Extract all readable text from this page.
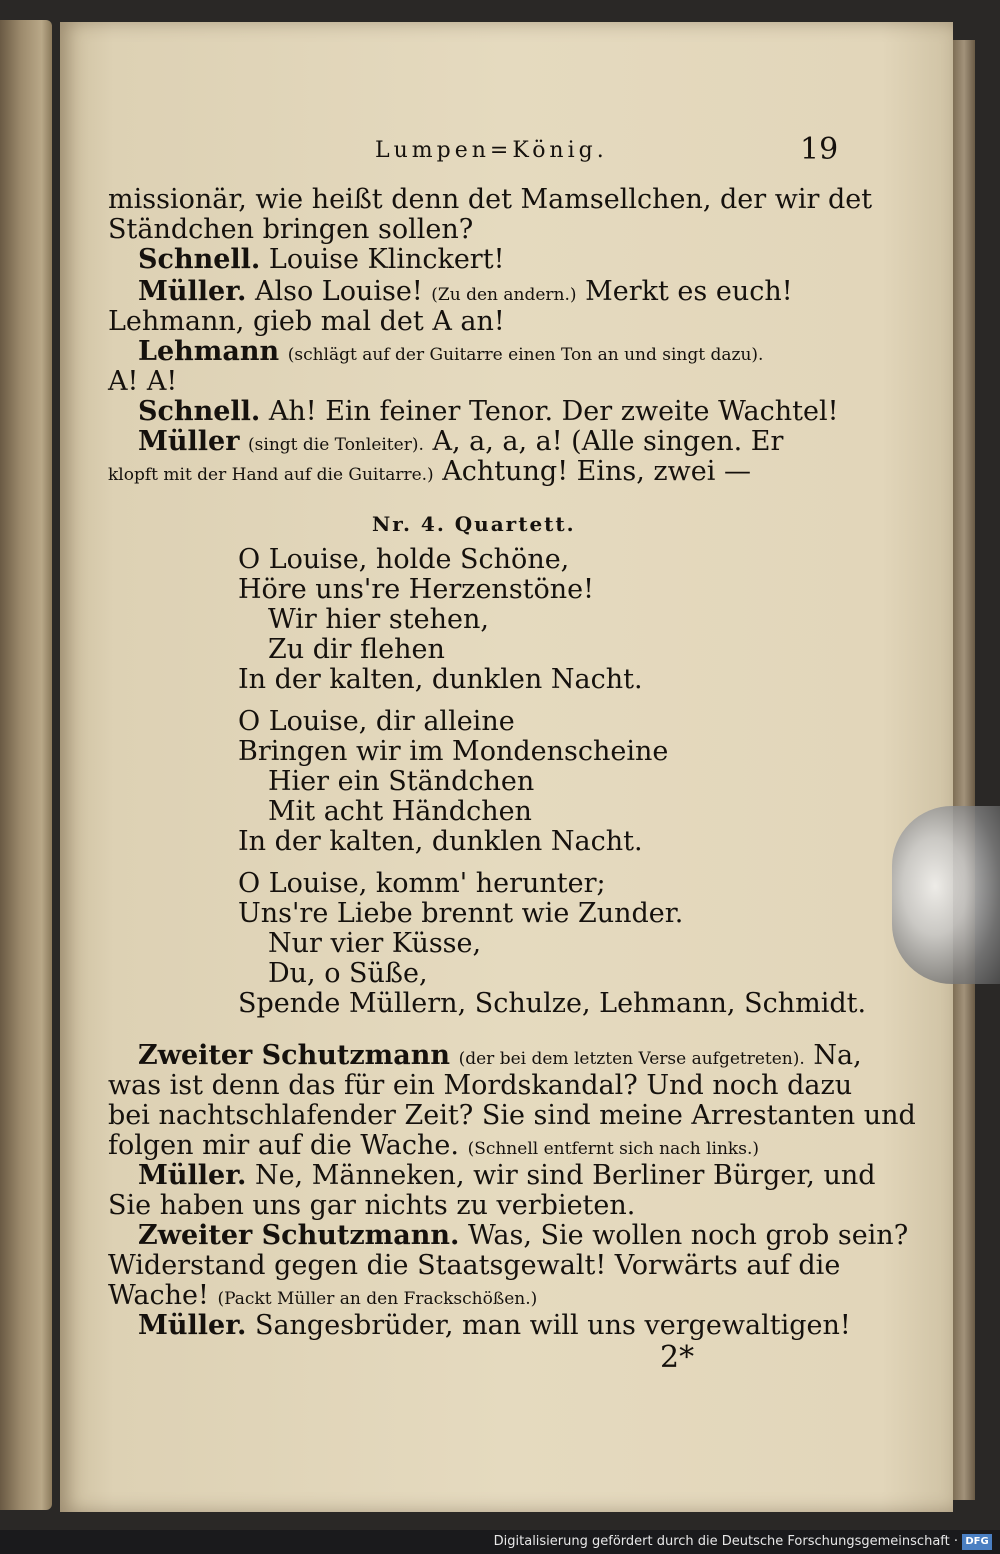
Lumpen=König.	19
missionär, wie heißt denn det Mamsellchen, der wir det
Ständchen bringen sollen?
Schnell. Louise Klinckert!
Müller. Also Louise! (Zu den andern.) Merkt es euch!
Lehmann, gieb mal det A an!
Lehmann (schlägt auf der Guitarre einen Ton an und singt dazu).
A! A!
Schnell. Ah! Ein feiner Tenor. Der zweite Wachtel!
Müller (singt die Tonleiter). A, a, a, a! (Alle singen. Er
klopft mit der Hand auf die Guitarre.) Achtung! Eins, zwei —
Nr. 4. Quartett.
O Louise, holde Schöne,
Höre uns're Herzenstöne!
Wir hier stehen,
Zu dir flehen
In der kalten, dunklen Nacht.
O Louise, dir alleine
Bringen wir im Mondenscheine
Hier ein Ständchen
Mit acht Händchen
In der kalten, dunklen Nacht.
O Louise, komm' herunter;
Uns're Liebe brennt wie Zunder.
Nur vier Küsse,
Du, o Süße,
Spende Müllern, Schulze, Lehmann, Schmidt.
Zweiter Schutzmann (der bei dem letzten Verse aufgetreten). Na,
was ist denn das für ein Mordskandal? Und noch dazu
bei nachtschlafender Zeit? Sie sind meine Arrestanten und
folgen mir auf die Wache. (Schnell entfernt sich nach links.)
Müller. Ne, Männeken, wir sind Berliner Bürger, und
Sie haben uns gar nichts zu verbieten.
Zweiter Schutzmann. Was, Sie wollen noch grob sein?
Widerstand gegen die Staatsgewalt! Vorwärts auf die
Wache! (Packt Müller an den Frackschößen.)
Müller. Sangesbrüder, man will uns vergewaltigen!
2*
Digitalisierung gefördert durch die Deutsche Forschungsgemeinschaft · DFG
